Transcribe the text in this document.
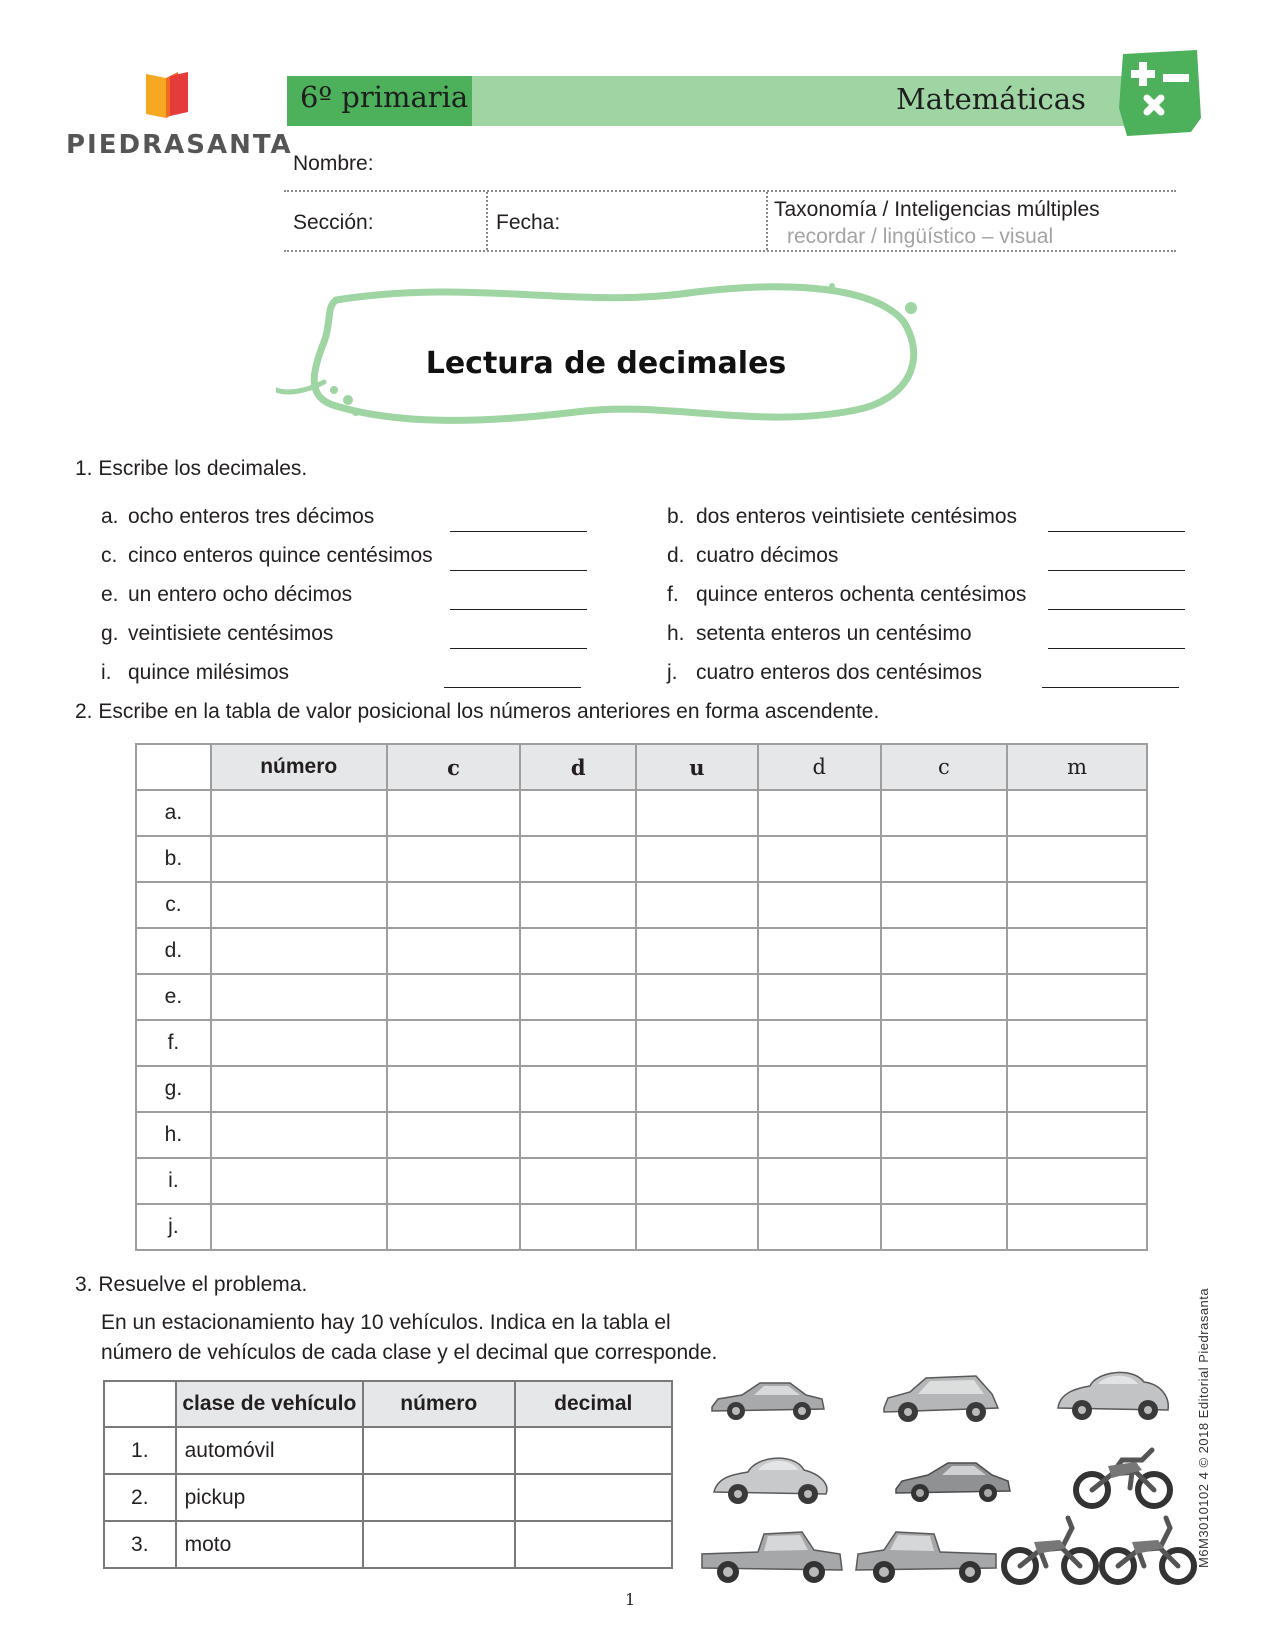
PIEDRASANTA
6º primaria	Matemáticas
Nombre:
Sección:	Fecha:
Taxonomía / Inteligencias múltiples
recordar / lingüístico – visual
Lectura de decimales
1. Escribe los decimales.
a. ocho enteros tres décimos	b. dos enteros veintisiete centésimos
c. cinco enteros quince centésimos	d. cuatro décimos
e. un entero ocho décimos	f. quince enteros ochenta centésimos
g. veintisiete centésimos	h. setenta enteros un centésimo
i. quince milésimos	j. cuatro enteros dos centésimos
2. Escribe en la tabla de valor posicional los números anteriores en forma ascendente.
	número	c	d	u	d	c	m
a.							
b.							
c.							
d.							
e.							
f.							
g.							
h.							
i.							
j.							
3. Resuelve el problema.
En un estacionamiento hay 10 vehículos. Indica en la tabla el
número de vehículos de cada clase y el decimal que corresponde.
	clase de vehículo	número	decimal
1.	automóvil		
2.	pickup		
3.	moto			M6M3010102 4 © 2018 Editorial Piedrasanta
1
